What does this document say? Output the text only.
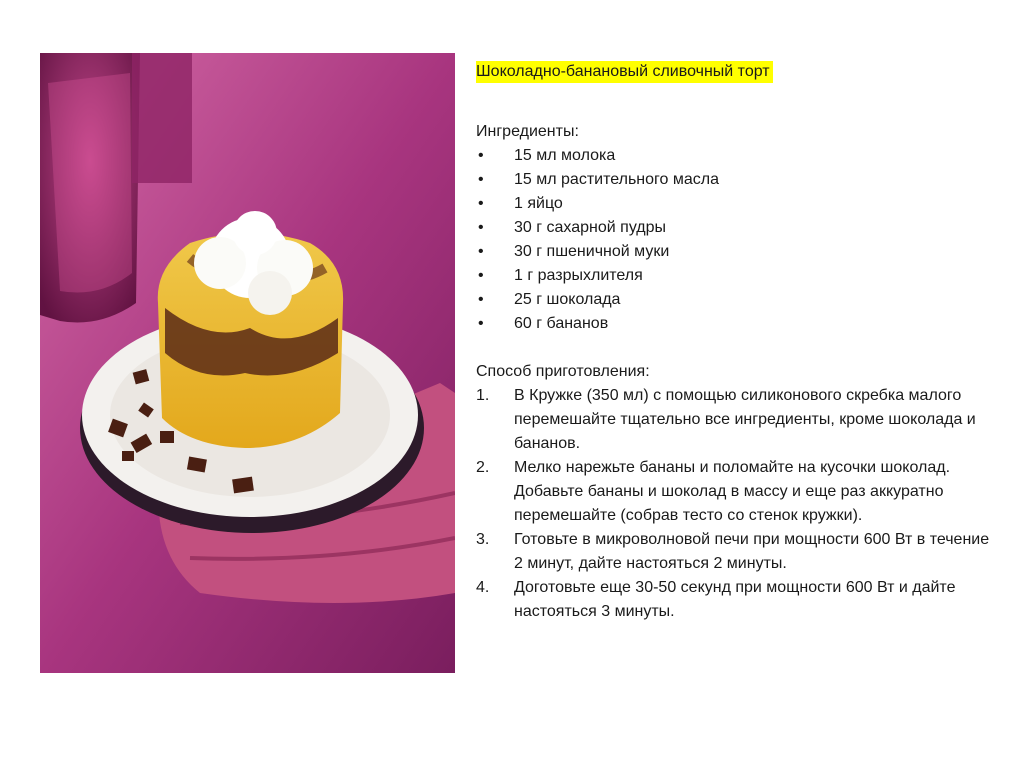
Шоколадно-банановый сливочный торт
Ингредиенты:
•	15 мл молока
•	15 мл растительного масла
•	1 яйцо
•	30 г сахарной пудры
•	30 г пшеничной муки
•	1 г разрыхлителя
•	25 г шоколада
•	60 г бананов
Способ приготовления:
1.	В Кружке (350 мл) с помощью силиконового скребка малого перемешайте тщательно все ингредиенты, кроме шоколада и бананов.
2.	Мелко нарежьте бананы и поломайте на кусочки шоколад. Добавьте бананы и шоколад в массу и еще раз аккуратно перемешайте (собрав тесто со стенок кружки).
3.	Готовьте в микроволновой печи при мощности 600 Вт в течение 2 минут, дайте настояться 2 минуты.
4.	Доготовьте еще 30-50 секунд при мощности 600 Вт и дайте настояться 3 минуты.
